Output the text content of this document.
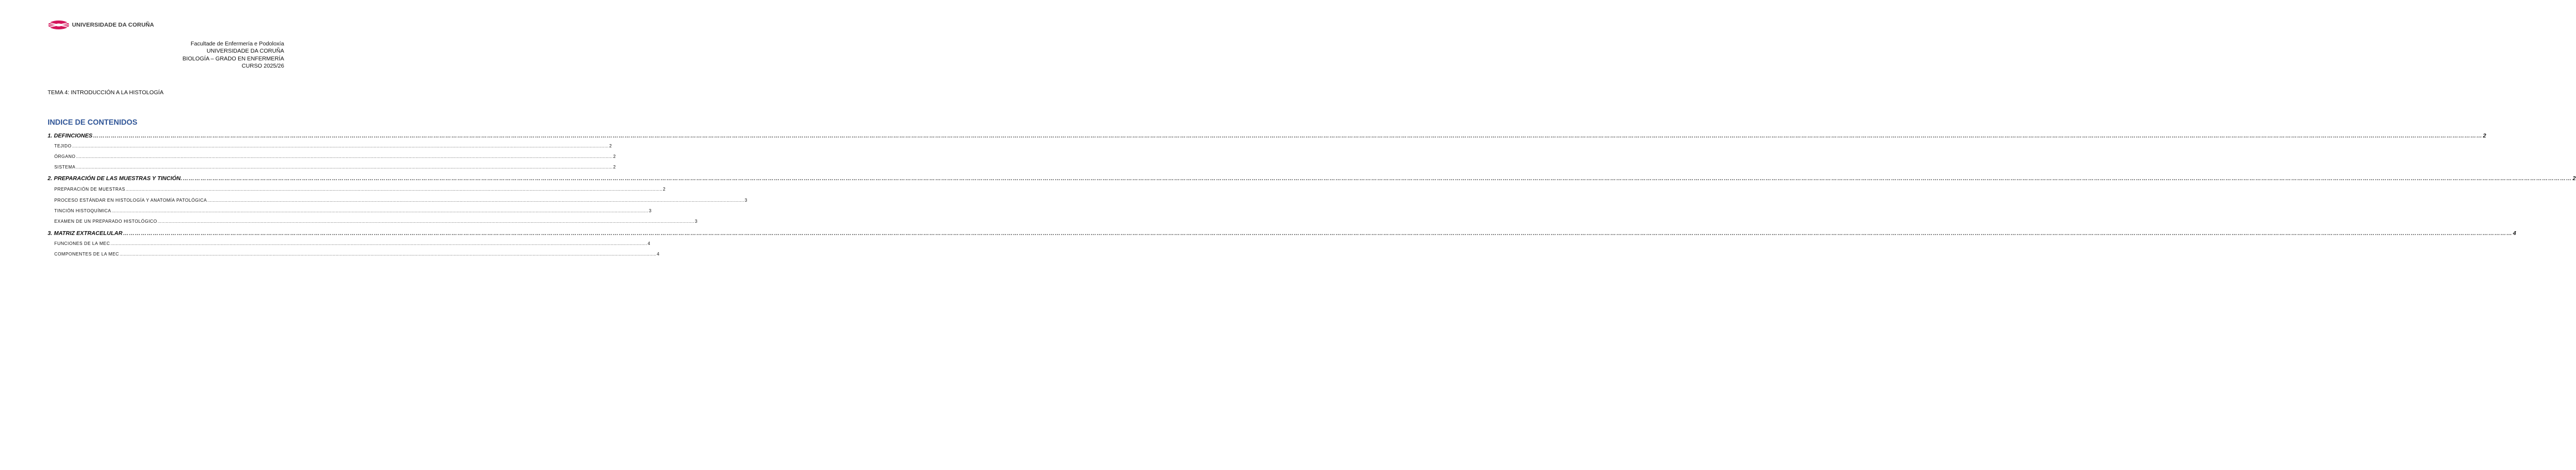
UNIVERSIDADE DA CORUÑA
Facultade de Enfermería e Podoloxía
UNIVERSIDADE DA CORUÑA
BIOLOGÍA – GRADO EN ENFERMERÍA
CURSO 2025/26
TEMA 4: INTRODUCCIÓN A LA HISTOLOGÍA
INDICE DE CONTENIDOS
1. DEFINCIONES ………………………………………………………………………………………………………………………………………………………………………………………………………………………………………………………………………………………………………………………………………………………………………………………………………………………………………………………………………………………………………………………………………………………………………………………………………………………………………………………………………………………………………………………………………………………………………………………………………………………………………………………………………………………………………………………………………………………………………………………………………………………………………………………………………………………………………… 2
TEJIDO ................................................................................................................................................................................................................................................................................................................................................................................................................ 2
ÓRGANO ................................................................................................................................................................................................................................................................................................................................................................................................................ 2
SISTEMA ................................................................................................................................................................................................................................................................................................................................................................................................................ 2
2. PREPARACIÓN DE LAS MUESTRAS Y TINCIÓN. ………………………………………………………………………………………………………………………………………………………………………………………………………………………………………………………………………………………………………………………………………………………………………………………………………………………………………………………………………………………………………………………………………………………………………………………………………………………………………………………………………………………………………………………………………………………………………………………………………………………………………………………………………………………………………………………………………………………………………………………………………………………………………………………………………………………………………… 2
PREPARACIÓN DE MUESTRAS ................................................................................................................................................................................................................................................................................................................................................................................................................ 2
PROCESO ESTÁNDAR EN HISTOLOGÍA Y ANATOMÍA PATOLÓGICA ................................................................................................................................................................................................................................................................................................................................................................................................................ 3
TINCIÓN HISTOQUÍMICA ................................................................................................................................................................................................................................................................................................................................................................................................................ 3
EXAMEN DE UN PREPARADO HISTOLÓGICO ................................................................................................................................................................................................................................................................................................................................................................................................................ 3
3. MATRIZ EXTRACELULAR ………………………………………………………………………………………………………………………………………………………………………………………………………………………………………………………………………………………………………………………………………………………………………………………………………………………………………………………………………………………………………………………………………………………………………………………………………………………………………………………………………………………………………………………………………………………………………………………………………………………………………………………………………………………………………………………………………………………………………………………………………………………………………………………………………………………………………… 4
FUNCIONES DE LA MEC ................................................................................................................................................................................................................................................................................................................................................................................................................ 4
COMPONENTES DE LA MEC ................................................................................................................................................................................................................................................................................................................................................................................................................ 4
